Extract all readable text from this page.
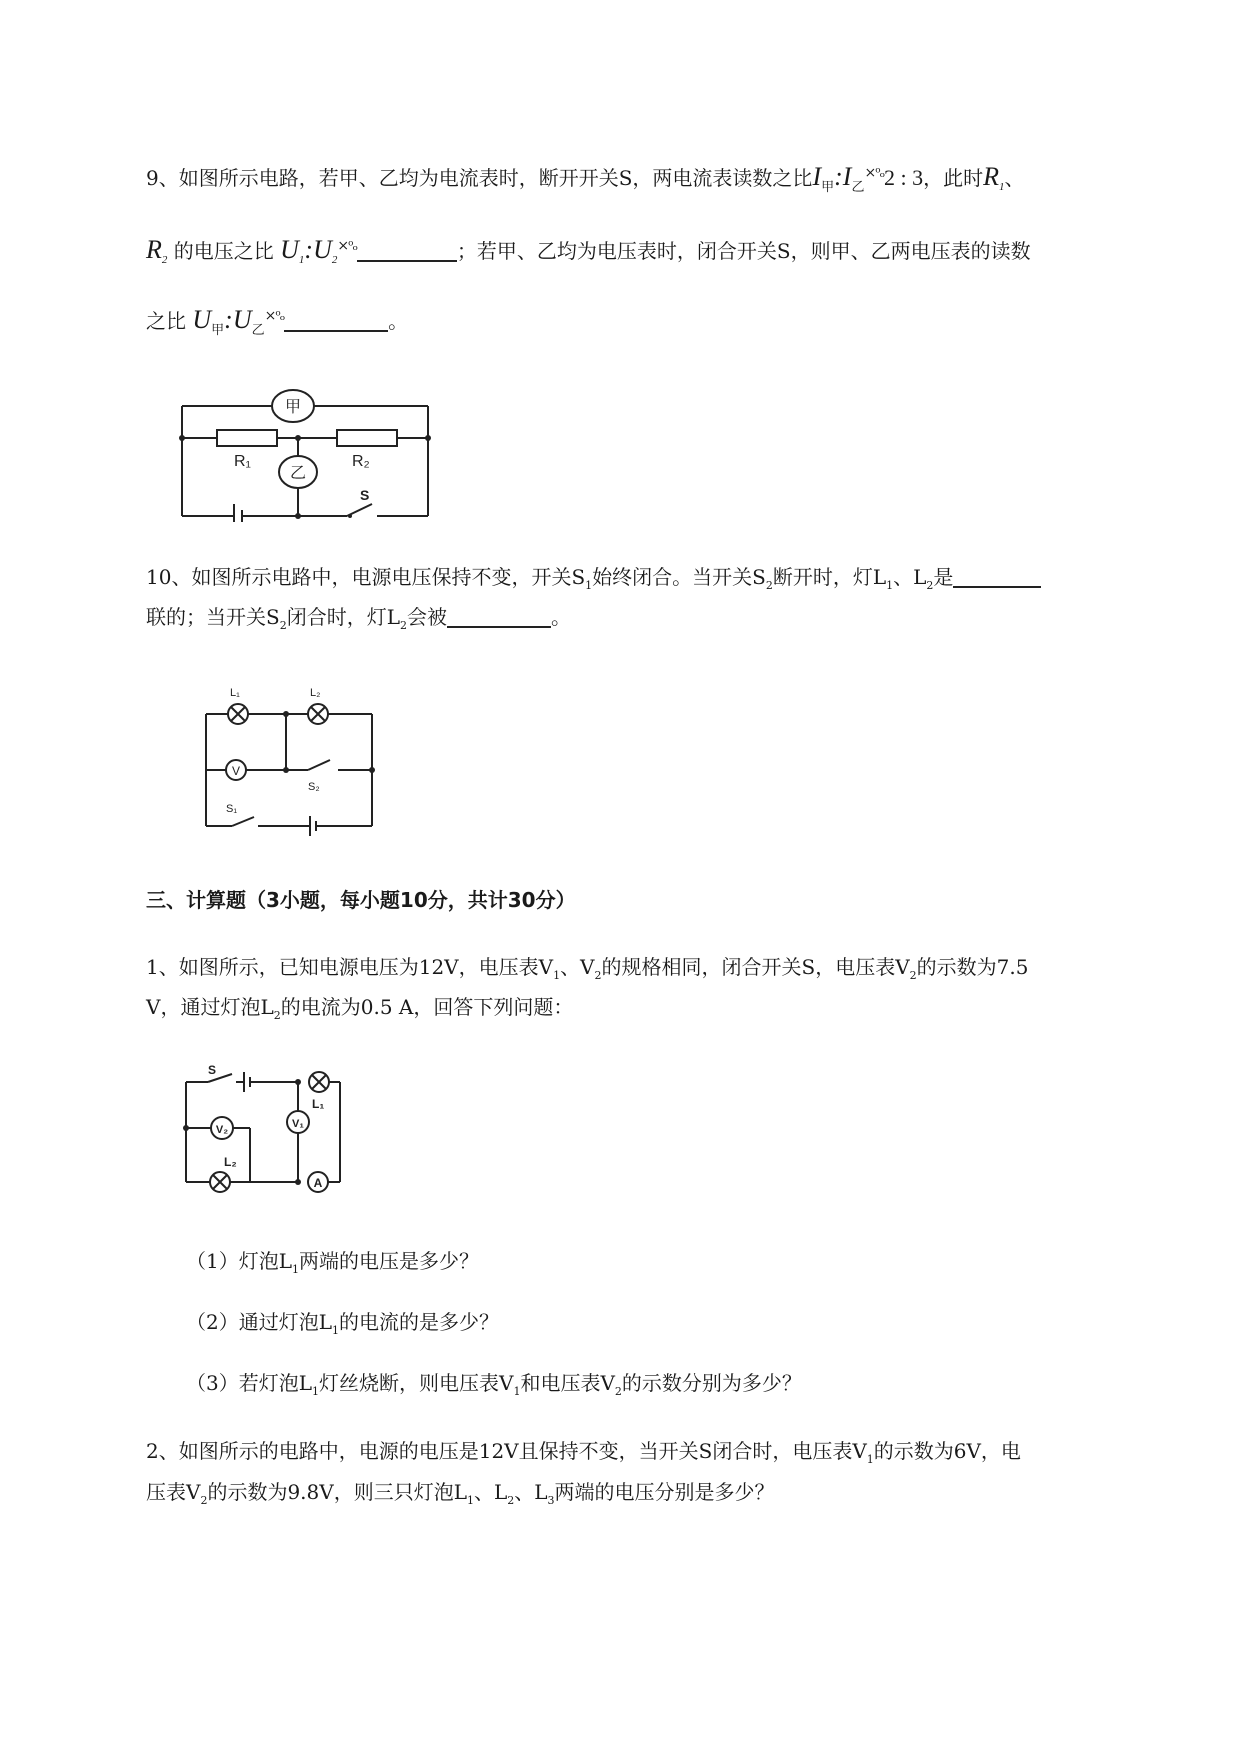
9、如图所示电路，若甲、乙均为电流表时，断开开关S，两电流表读数之比$I_甲:I_乙^{\times ᵒ_o}2$ : 3，此时R1、
R2 的电压之比 $U1:U2^{\times ᵒ_o}$	；若甲、乙均为电压表时，闭合开关S，则甲、乙两电压表的读数
之比 $U_甲:U_乙^{\times ᵒ_o}$	。
甲
乙
R₁	R₂
S
10、如图所示电路中，电源电压保持不变，开关$S_1$始终闭合。当开关$S_2$断开时，灯$L_1$、$L_2$是
联的；当开关$S_2$闭合时，灯$L_2$会被	。
V
L₁	L₂
S₂
S₁
三、计算题（3小题，每小题10分，共计30分）
1、如图所示，已知电源电压为12V，电压表$V_1$、$V_2$的规格相同，闭合开关S，电压表$V_2$的示数为7.5
V，通过灯泡$L_2$的电流为0.5 A，回答下列问题：
V₂	V₁
A
S
L₁
L₂
（1）灯泡$L_1$两端的电压是多少？
（2）通过灯泡$L_1$的电流的是多少？
（3）若灯泡$L_1$灯丝烧断，则电压表$V_1$和电压表$V_2$的示数分别为多少？
2、如图所示的电路中，电源的电压是12V且保持不变，当开关S闭合时，电压表$V_1$的示数为6V，电
压表$V_2$的示数为9.8V，则三只灯泡$L_1$、$L_2$、$L_3$两端的电压分别是多少？
